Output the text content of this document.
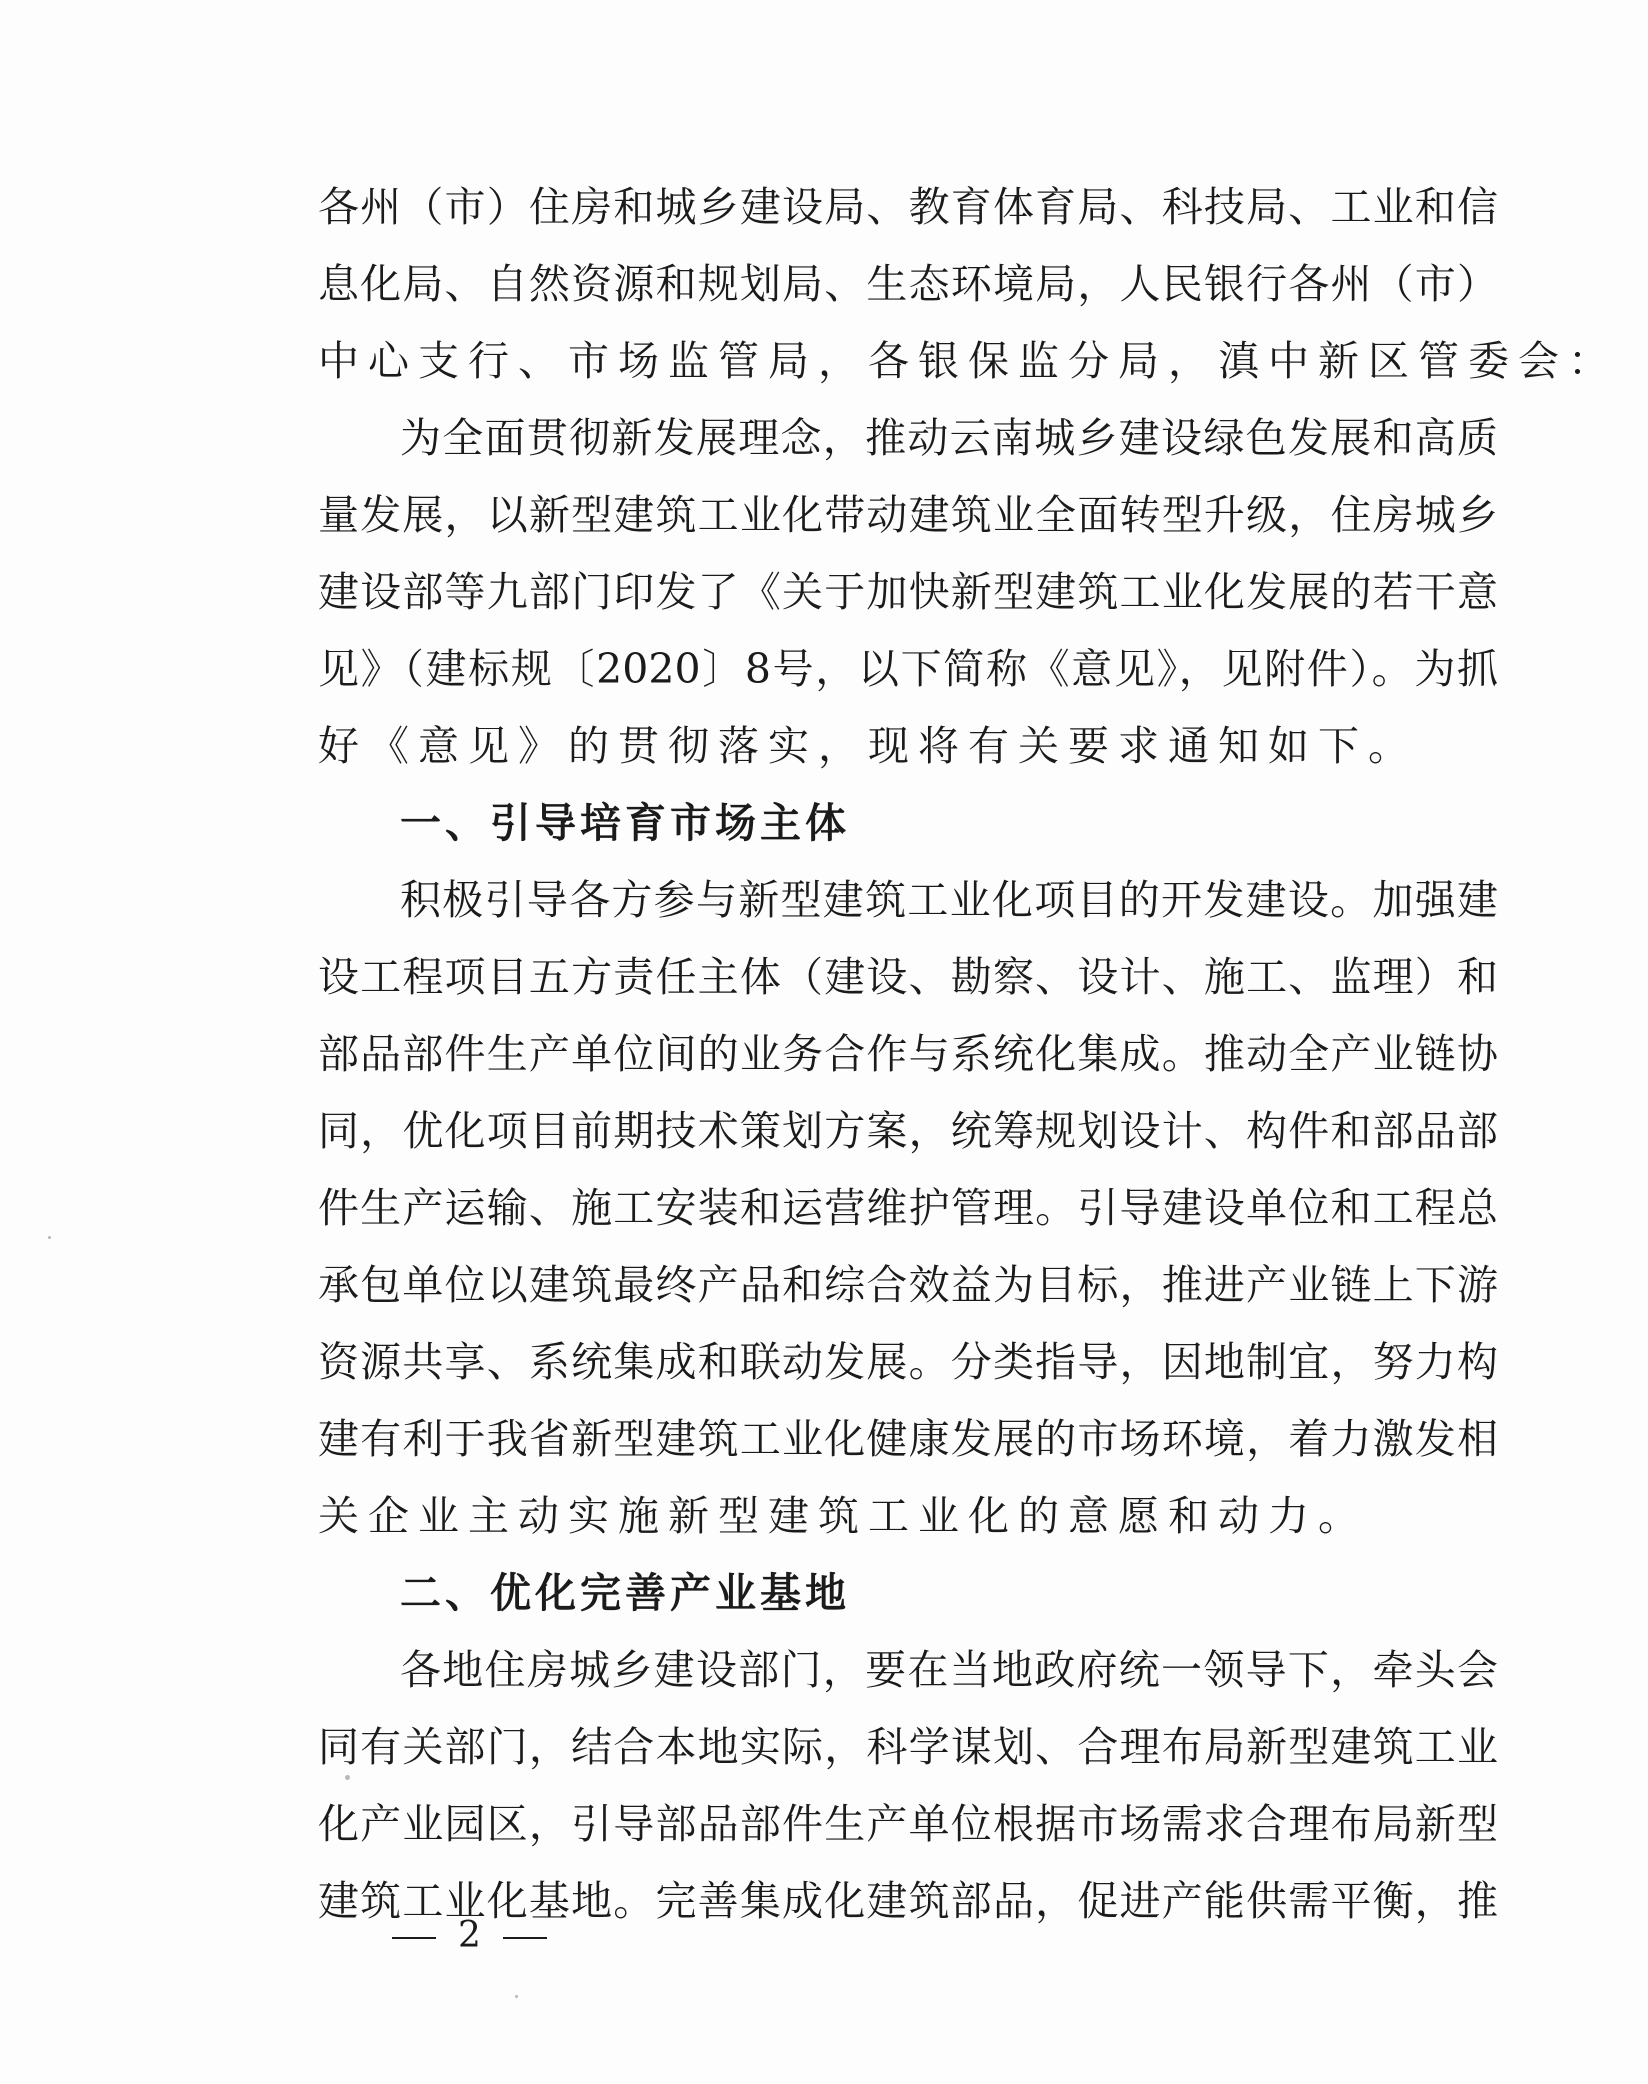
各州（市）住房和城乡建设局、教育体育局、科技局、工业和信
息化局、自然资源和规划局、生态环境局，人民银行各州（市）
中心支行、市场监管局，各银保监分局，滇中新区管委会：
为全面贯彻新发展理念，推动云南城乡建设绿色发展和高质
量发展，以新型建筑工业化带动建筑业全面转型升级，住房城乡
建设部等九部门印发了《关于加快新型建筑工业化发展的若干意
见》（建标规〔2020〕8号，以下简称《意见》，见附件）。为抓
好《意见》的贯彻落实，现将有关要求通知如下。
一、引导培育市场主体
积极引导各方参与新型建筑工业化项目的开发建设。加强建
设工程项目五方责任主体（建设、勘察、设计、施工、监理）和
部品部件生产单位间的业务合作与系统化集成。推动全产业链协
同，优化项目前期技术策划方案，统筹规划设计、构件和部品部
件生产运输、施工安装和运营维护管理。引导建设单位和工程总
承包单位以建筑最终产品和综合效益为目标，推进产业链上下游
资源共享、系统集成和联动发展。分类指导，因地制宜，努力构
建有利于我省新型建筑工业化健康发展的市场环境，着力激发相
关企业主动实施新型建筑工业化的意愿和动力。
二、优化完善产业基地
各地住房城乡建设部门，要在当地政府统一领导下，牵头会
同有关部门，结合本地实际，科学谋划、合理布局新型建筑工业
化产业园区，引导部品部件生产单位根据市场需求合理布局新型
建筑工业化基地。完善集成化建筑部品，促进产能供需平衡，推
2
